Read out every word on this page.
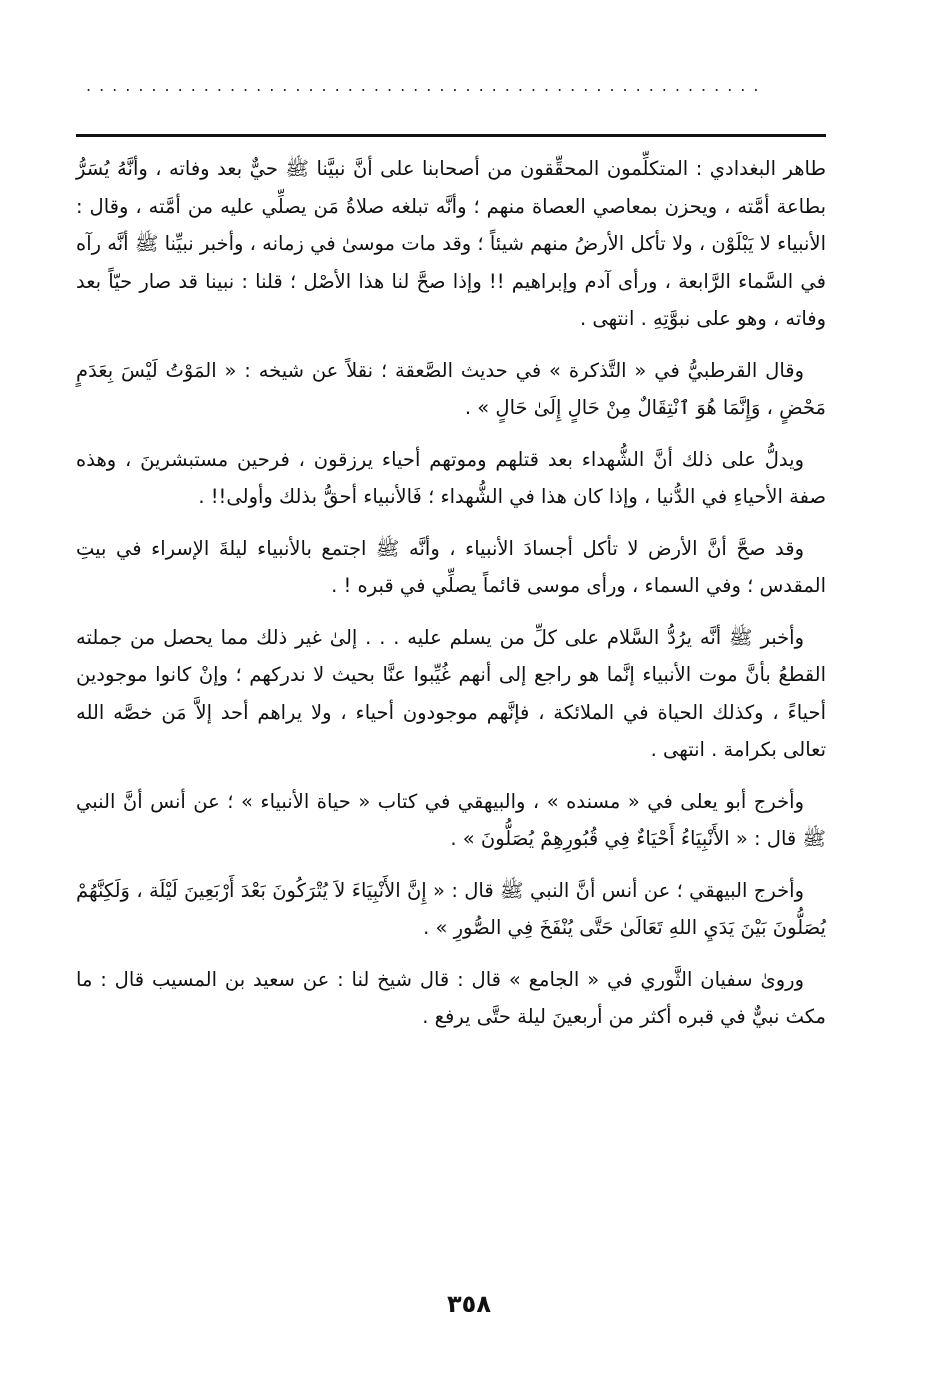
....................................................

طاهر البغدادي : المتكلِّمون المحقِّقون من أصحابنا على أنَّ نبيَّنا ﷺ حيٌّ بعد وفاته ، وأنَّهُ يُسَرُّ بطاعة أمَّته ، ويحزن بمعاصي العصاة منهم ؛ وأنَّه تبلغه صلاةُ مَن يصلِّي عليه من أمَّته ، وقال : الأنبياء لا يَبْلَوْن ، ولا تأكل الأرضُ منهم شيئاً ؛ وقد مات موسىٰ في زمانه ، وأخبر نبيِّنا ﷺ أنَّه رآه في السَّماء الرَّابعة ، ورأى آدم وإبراهيم !! وإذا صحَّ لنا هذا الأصْل ؛ قلنا : نبينا قد صار حيّاً بعد وفاته ، وهو على نبوَّتِهِ . انتهى .

وقال القرطبيُّ في « التَّذكرة » في حديث الصَّعقة ؛ نقلاً عن شيخه : « المَوْتُ لَيْسَ بِعَدَمٍ مَحْضٍ ، وَإِنَّمَا هُوَ ٱنْتِقَالٌ مِنْ حَالٍ إِلَىٰ حَالٍ » .

ويدلُّ على ذلك أنَّ الشُّهداء بعد قتلهم وموتهم أحياء يرزقون ، فرحين مستبشرينَ ، وهذه صفة الأحياءِ في الدُّنيا ، وإذا كان هذا في الشُّهداء ؛ فَالأنبياء أحقُّ بذلك وأولى!! .

وقد صحَّ أنَّ الأرض لا تأكل أجسادَ الأنبياء ، وأنَّه ﷺ اجتمع بالأنبياء ليلةَ الإسراء في بيتِ المقدس ؛ وفي السماء ، ورأى موسى قائماً يصلِّي في قبره ! .

وأخبر ﷺ أنَّه يرُدُّ السَّلام على كلِّ من يسلم عليه . . . إلىٰ غير ذلك مما يحصل من جملته القطعُ بأنَّ موت الأنبياء إنَّما هو راجع إلى أنهم غُيِّبوا عنَّا بحيث لا ندركهم ؛ وإنْ كانوا موجودين أحياءً ، وكذلك الحياة في الملائكة ، فإنَّهم موجودون أحياء ، ولا يراهم أحد إلاَّ مَن خصَّه الله تعالى بكرامة . انتهى .

وأخرج أبو يعلى في « مسنده » ، والبيهقي في كتاب « حياة الأنبياء » ؛ عن أنس أنَّ النبي ﷺ قال : « الأَنْبِيَاءُ أَحْيَاءٌ فِي قُبُورِهِمْ يُصَلُّونَ » .

وأخرج البيهقي ؛ عن أنس أنَّ النبي ﷺ قال : « إِنَّ الأَنْبِيَاءَ لاَ يُتْرَكُونَ بَعْدَ أَرْبَعِينَ لَيْلَة ، وَلَكِنَّهُمْ يُصَلُّونَ بَيْنَ يَدَيِ اللهِ تَعَالَىٰ حَتَّى يُنْفَخَ فِي الصُّورِ » .

وروىٰ سفيان الثَّوري في « الجامع » قال : قال شيخ لنا : عن سعيد بن المسيب قال : ما مكث نبيٌّ في قبره أكثر من أربعينَ ليلة حتَّى يرفع .

٣٥٨
